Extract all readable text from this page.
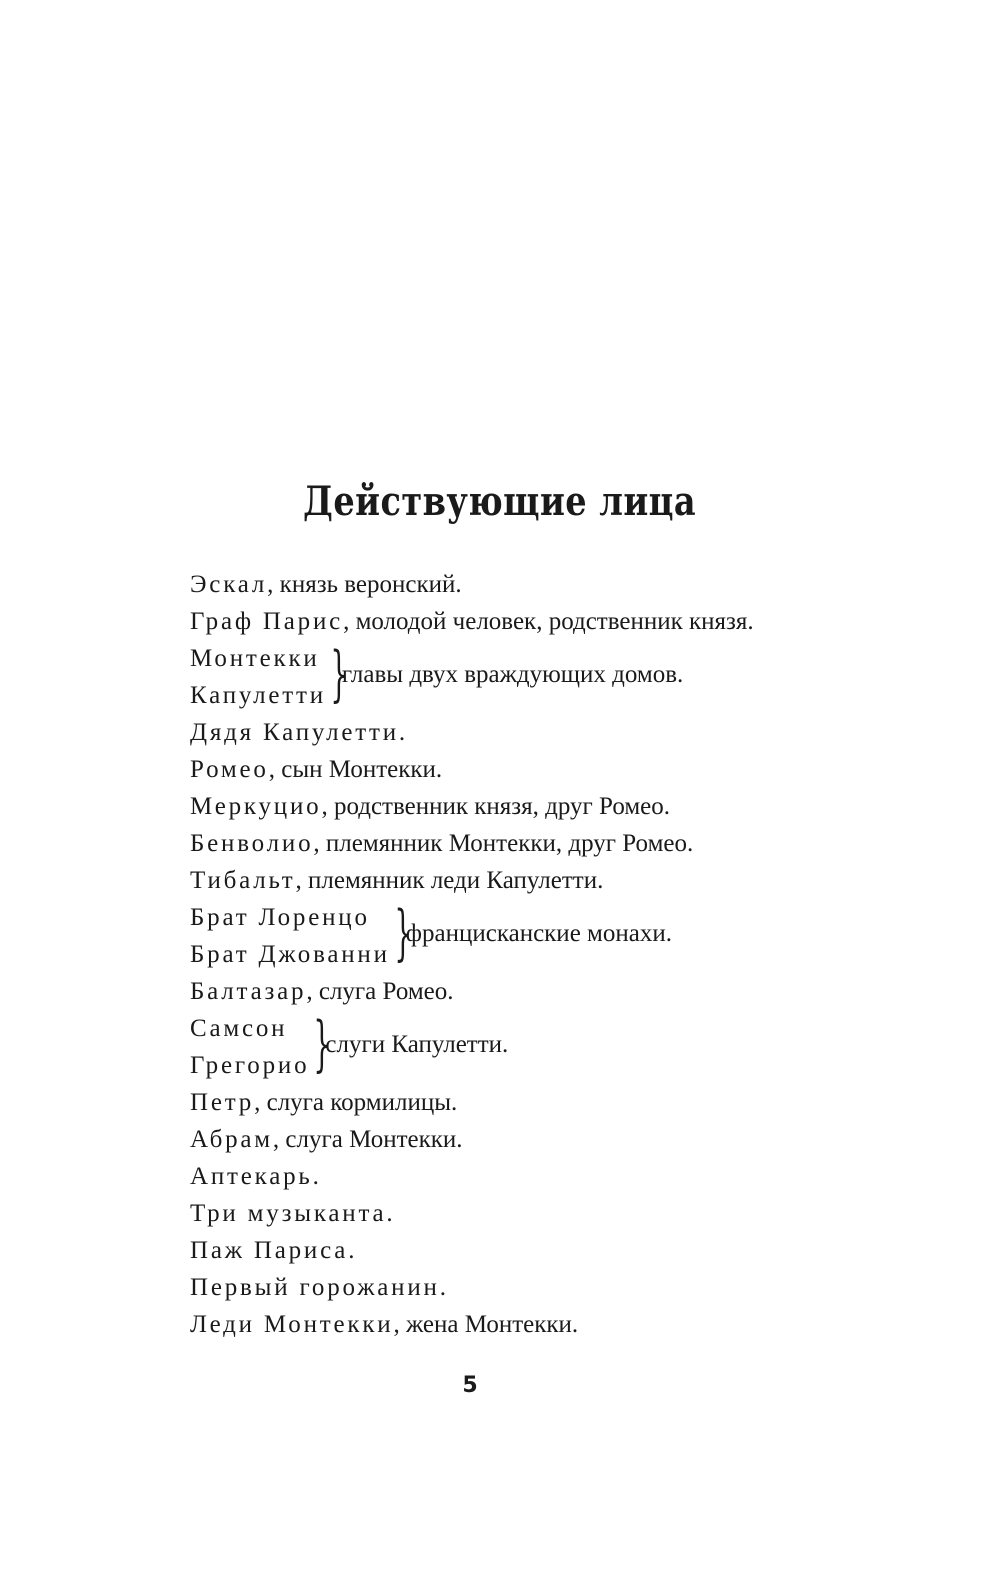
Действующие лица
Эскал, князь веронский.
Граф Парис, молодой человек, родственник князя.
Монтекки
Капулетти }
главы двух враждующих домов.
Дядя Капулетти.
Ромео, сын Монтекки.
Меркуцио, родственник князя, друг Ромео.
Бенволио, племянник Монтекки, друг Ромео.
Тибальт, племянник леди Капулетти.
Брат Лоренцо
Брат Джованни }
францисканские монахи.
Балтазар, слуга Ромео.
Самсон
Грегорио }
слуги Капулетти.
Петр, слуга кормилицы.
Абрам, слуга Монтекки.
Аптекарь.
Три музыканта.
Паж Париса.
Первый горожанин.
Леди Монтекки, жена Монтекки.
5
